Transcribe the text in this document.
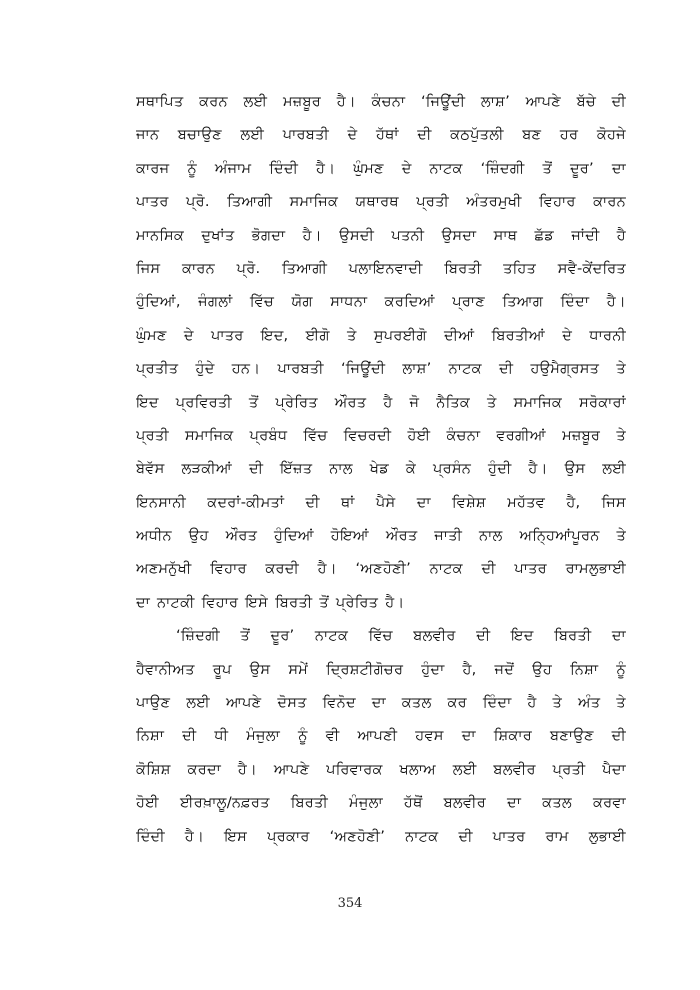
ਸਥਾਪਿਤ ਕਰਨ ਲਈ ਮਜ਼ਬੂਰ ਹੈ। ਕੰਚਨਾ ‘ਜਿਊਂਦੀ ਲਾਸ਼’ ਆਪਣੇ ਬੱਚੇ ਦੀ
ਜਾਨ ਬਚਾਉਣ ਲਈ ਪਾਰਬਤੀ ਦੇ ਹੱਥਾਂ ਦੀ ਕਠਪੁੱਤਲੀ ਬਣ ਹਰ ਕੋਹਜੇ
ਕਾਰਜ ਨੂੰ ਅੰਜਾਮ ਦਿੰਦੀ ਹੈ। ਘੁੰਮਣ ਦੇ ਨਾਟਕ ‘ਜ਼ਿੰਦਗੀ ਤੋਂ ਦੂਰ’ ਦਾ
ਪਾਤਰ ਪ੍ਰੋ. ਤਿਆਗੀ ਸਮਾਜਿਕ ਯਥਾਰਥ ਪ੍ਰਤੀ ਅੰਤਰਮੁਖੀ ਵਿਹਾਰ ਕਾਰਨ
ਮਾਨਸਿਕ ਦੁਖਾਂਤ ਭੋਗਦਾ ਹੈ। ਉਸਦੀ ਪਤਨੀ ਉਸਦਾ ਸਾਥ ਛੱਡ ਜਾਂਦੀ ਹੈ
ਜਿਸ ਕਾਰਨ ਪ੍ਰੋ. ਤਿਆਗੀ ਪਲਾਇਨਵਾਦੀ ਬਿਰਤੀ ਤਹਿਤ ਸਵੈ-ਕੇਂਦਰਿਤ
ਹੁੰਦਿਆਂ, ਜੰਗਲਾਂ ਵਿੱਚ ਯੋਗ ਸਾਧਨਾ ਕਰਦਿਆਂ ਪ੍ਰਾਣ ਤਿਆਗ ਦਿੰਦਾ ਹੈ।
ਘੁੰਮਣ ਦੇ ਪਾਤਰ ਇਦ, ਈਗੋ ਤੇ ਸੁਪਰਈਗੋ ਦੀਆਂ ਬਿਰਤੀਆਂ ਦੇ ਧਾਰਨੀ
ਪ੍ਰਤੀਤ ਹੁੰਦੇ ਹਨ। ਪਾਰਬਤੀ ‘ਜਿਊਂਦੀ ਲਾਸ਼’ ਨਾਟਕ ਦੀ ਹਉਮੈਗ੍ਰਸਤ ਤੇ
ਇਦ ਪ੍ਰਵਿਰਤੀ ਤੋਂ ਪ੍ਰੇਰਿਤ ਔਰਤ ਹੈ ਜੋ ਨੈਤਿਕ ਤੇ ਸਮਾਜਿਕ ਸਰੋਕਾਰਾਂ
ਪ੍ਰਤੀ ਸਮਾਜਿਕ ਪ੍ਰਬੰਧ ਵਿੱਚ ਵਿਚਰਦੀ ਹੋਈ ਕੰਚਨਾ ਵਰਗੀਆਂ ਮਜ਼ਬੂਰ ਤੇ
ਬੇਵੱਸ ਲੜਕੀਆਂ ਦੀ ਇੱਜ਼ਤ ਨਾਲ ਖੇਡ ਕੇ ਪ੍ਰਸੰਨ ਹੁੰਦੀ ਹੈ। ਉਸ ਲਈ
ਇਨਸਾਨੀ ਕਦਰਾਂ-ਕੀਮਤਾਂ ਦੀ ਥਾਂ ਪੈਸੇ ਦਾ ਵਿਸ਼ੇਸ਼ ਮਹੱਤਵ ਹੈ, ਜਿਸ
ਅਧੀਨ ਉਹ ਔਰਤ ਹੁੰਦਿਆਂ ਹੋਇਆਂ ਔਰਤ ਜਾਤੀ ਨਾਲ ਅਨ੍ਹਿਆਂਪੂਰਨ ਤੇ
ਅਣਮਨੁੱਖੀ ਵਿਹਾਰ ਕਰਦੀ ਹੈ। ‘ਅਣਹੋਣੀ’ ਨਾਟਕ ਦੀ ਪਾਤਰ ਰਾਮਲੁਭਾਈ
ਦਾ ਨਾਟਕੀ ਵਿਹਾਰ ਇਸੇ ਬਿਰਤੀ ਤੋਂ ਪ੍ਰੇਰਿਤ ਹੈ।
‘ਜ਼ਿੰਦਗੀ ਤੋਂ ਦੂਰ’ ਨਾਟਕ ਵਿੱਚ ਬਲਵੀਰ ਦੀ ਇਦ ਬਿਰਤੀ ਦਾ
ਹੈਵਾਨੀਅਤ ਰੂਪ ਉਸ ਸਮੇਂ ਦ੍ਰਿਸ਼ਟੀਗੋਚਰ ਹੁੰਦਾ ਹੈ, ਜਦੋਂ ਉਹ ਨਿਸ਼ਾ ਨੂੰ
ਪਾਉਣ ਲਈ ਆਪਣੇ ਦੋਸਤ ਵਿਨੋਦ ਦਾ ਕਤਲ ਕਰ ਦਿੰਦਾ ਹੈ ਤੇ ਅੰਤ ਤੇ
ਨਿਸ਼ਾ ਦੀ ਧੀ ਮੰਜੁਲਾ ਨੂੰ ਵੀ ਆਪਣੀ ਹਵਸ ਦਾ ਸ਼ਿਕਾਰ ਬਣਾਉਣ ਦੀ
ਕੋਸ਼ਿਸ਼ ਕਰਦਾ ਹੈ। ਆਪਣੇ ਪਰਿਵਾਰਕ ਖਲਾਅ ਲਈ ਬਲਵੀਰ ਪ੍ਰਤੀ ਪੈਦਾ
ਹੋਈ ਈਰਖ਼ਾਲੂ/ਨਫ਼ਰਤ ਬਿਰਤੀ ਮੰਜੁਲਾ ਹੱਥੋਂ ਬਲਵੀਰ ਦਾ ਕਤਲ ਕਰਵਾ
ਦਿੰਦੀ ਹੈ। ਇਸ ਪ੍ਰਕਾਰ ‘ਅਣਹੋਣੀ’ ਨਾਟਕ ਦੀ ਪਾਤਰ ਰਾਮ ਲੁਭਾਈ
354
